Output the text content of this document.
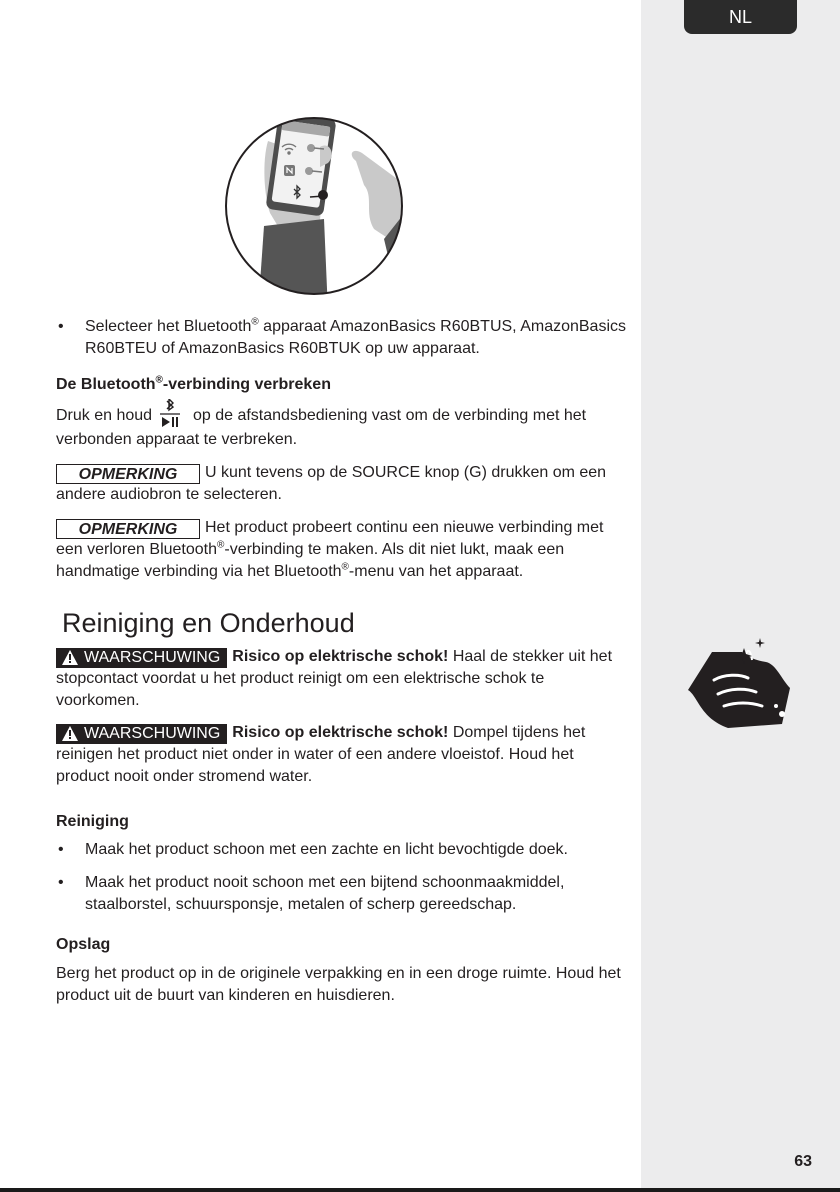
NL
63
• Selecteer het Bluetooth® apparaat AmazonBasics R60BTUS, AmazonBasics R60BTEU of AmazonBasics R60BTUK op uw apparaat.

De Bluetooth®-verbinding verbreken

Druk en houd	op de afstandsbediening vast om de verbinding met het verbonden apparaat te verbreken.

OPMERKING U kunt tevens op de SOURCE knop (G) drukken om een andere audiobron te selecteren.

OPMERKING Het product probeert continu een nieuwe verbinding met een verloren Bluetooth®-verbinding te maken. Als dit niet lukt, maak een handmatige verbinding via het Bluetooth®-menu van het apparaat.

Reiniging en Onderhoud

WAARSCHUWING Risico op elektrische schok! Haal de stekker uit het stopcontact voordat u het product reinigt om een elektrische schok te voorkomen.

WAARSCHUWING Risico op elektrische schok! Dompel tijdens het reinigen het product niet onder in water of een andere vloeistof. Houd het product nooit onder stromend water.

Reiniging

• Maak het product schoon met een zachte en licht bevochtigde doek.
• Maak het product nooit schoon met een bijtend schoonmaakmiddel, staalborstel, schuursponsje, metalen of scherp gereedschap.

Opslag

Berg het product op in de originele verpakking en in een droge ruimte. Houd het product uit de buurt van kinderen en huisdieren.
